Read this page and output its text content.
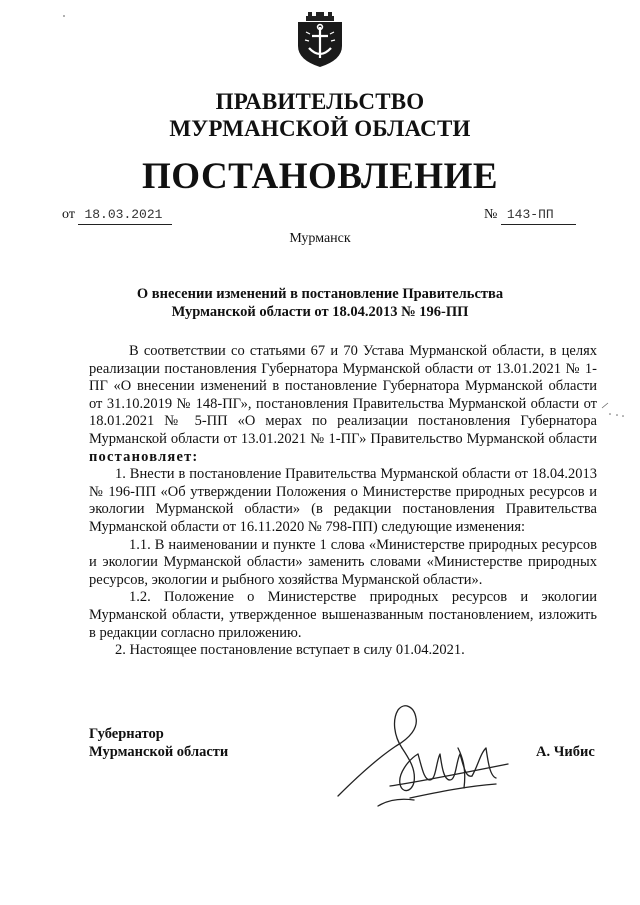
ПРАВИТЕЛЬСТВО
МУРМАНСКОЙ ОБЛАСТИ
ПОСТАНОВЛЕНИЕ
от 18.03.2021	№ 143-ПП
Мурманск
О внесении изменений в постановление Правительства
Мурманской области от 18.04.2013 № 196-ПП

В соответствии со статьями 67 и 70 Устава Мурманской области, в целях реализации постановления Губернатора Мурманской области от 13.01.2021 № 1-ПГ «О внесении изменений в постановление Губернатора Мурманской области от 31.10.2019 № 148-ПГ», постановления Правительства Мурманской области от 18.01.2021 № 5-ПП «О мерах по реализации постановления Губернатора Мурманской области от 13.01.2021 № 1-ПГ» Правительство Мурманской области постановляет:

1. Внести в постановление Правительства Мурманской области от 18.04.2013 № 196-ПП «Об утверждении Положения о Министерстве природных ресурсов и экологии Мурманской области» (в редакции постановления Правительства Мурманской области от 16.11.2020 № 798-ПП) следующие изменения:

1.1. В наименовании и пункте 1 слова «Министерстве природных ресурсов и экологии Мурманской области» заменить словами «Министерстве природных ресурсов, экологии и рыбного хозяйства Мурманской области».

1.2. Положение о Министерстве природных ресурсов и экологии Мурманской области, утвержденное вышеназванным постановлением, изложить в редакции согласно приложению.

2. Настоящее постановление вступает в силу 01.04.2021.

Губернатор
Мурманской области	А. Чибис
